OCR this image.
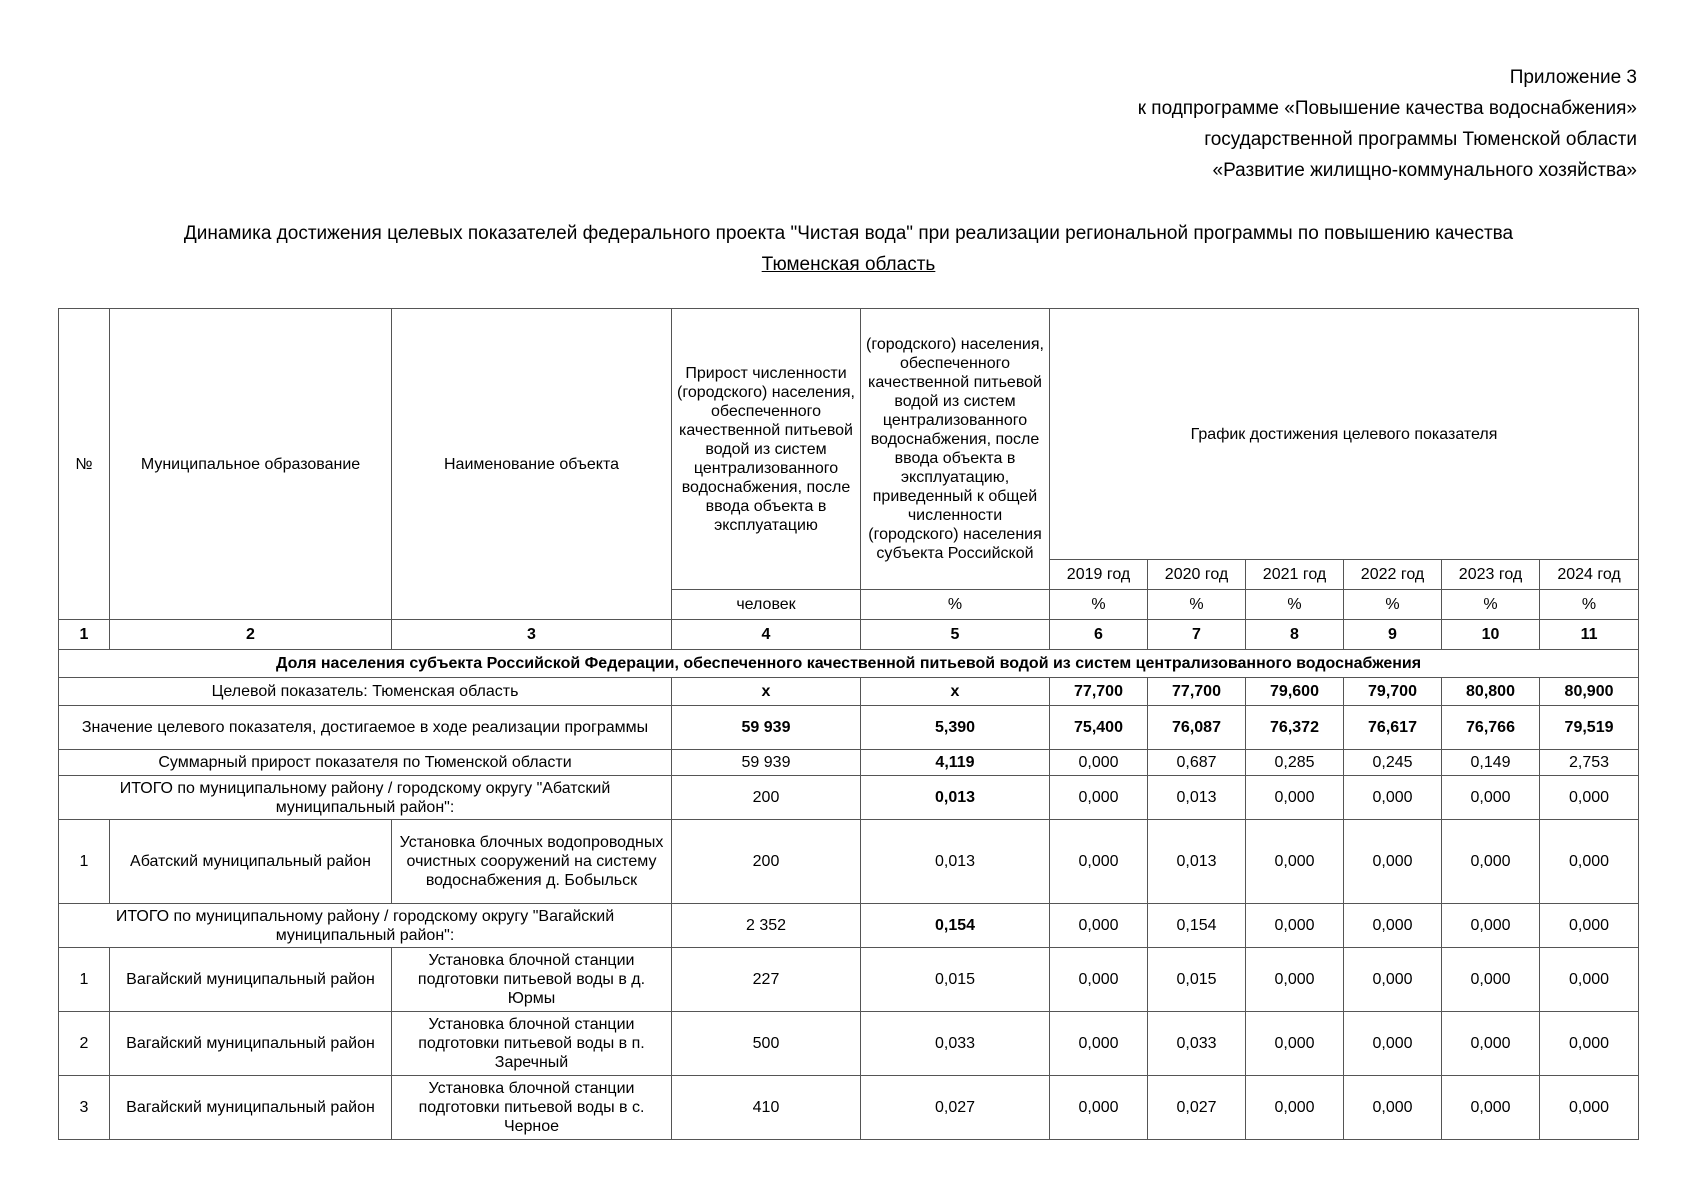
Приложение 3
к подпрограмме «Повышение качества водоснабжения»
государственной программы Тюменской области
«Развитие жилищно-коммунального хозяйства»
Динамика достижения целевых показателей федерального проекта "Чистая вода" при реализации региональной программы по повышению качества
Тюменская область
№	Муниципальное образование	Наименование объекта	Прирост численности (городского) населения, обеспеченного качественной питьевой водой из систем централизованного водоснабжения, после ввода объекта в эксплуатацию	(городского) населения, обеспеченного качественной питьевой водой из систем централизованного водоснабжения, после ввода объекта в эксплуатацию, приведенный к общей численности (городского) населения субъекта Российской	График достижения целевого показателя					
					2019 год	2020 год	2021 год	2022 год	2023 год	2024 год
			человек	%	%	%	%	%	%	%
1	2	3	4	5	6	7	8	9	10	11
Доля населения субъекта Российской Федерации, обеспеченного качественной питьевой водой из систем централизованного водоснабжения										
Целевой показатель: Тюменская область			х	х	77,700	77,700	79,600	79,700	80,800	80,900
Значение целевого показателя, достигаемое в ходе реализации программы			59 939	5,390	75,400	76,087	76,372	76,617	76,766	79,519
Суммарный прирост показателя по Тюменской области			59 939	4,119	0,000	0,687	0,285	0,245	0,149	2,753
ИТОГО по муниципальному району / городскому округу "Абатский муниципальный район":			200	0,013	0,000	0,013	0,000	0,000	0,000	0,000
1	Абатский муниципальный район	Установка блочных водопроводных очистных сооружений на систему водоснабжения д. Бобыльск	200	0,013	0,000	0,013	0,000	0,000	0,000	0,000
ИТОГО по муниципальному району / городскому округу "Вагайский муниципальный район":			2 352	0,154	0,000	0,154	0,000	0,000	0,000	0,000
1	Вагайский муниципальный район	Установка блочной станции подготовки питьевой воды в д. Юрмы	227	0,015	0,000	0,015	0,000	0,000	0,000	0,000
2	Вагайский муниципальный район	Установка блочной станции подготовки питьевой воды в п. Заречный	500	0,033	0,000	0,033	0,000	0,000	0,000	0,000
3	Вагайский муниципальный район	Установка блочной станции подготовки питьевой воды в с. Черное	410	0,027	0,000	0,027	0,000	0,000	0,000	0,000
